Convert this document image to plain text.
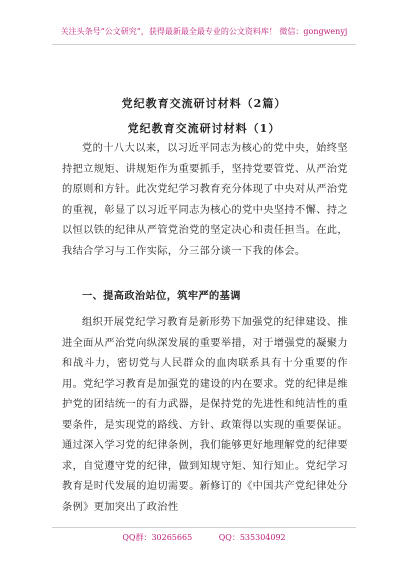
关注头条号“公文研究”，获得最新最全最专业的公文资料库！ 微信：gongwenyj
党纪教育交流研讨材料（2篇）
党纪教育交流研讨材料（1）
党的十八大以来，以习近平同志为核心的党中央，始终坚持把立规矩、讲规矩作为重要抓手，坚持党要管党、从严治党的原则和方针。此次党纪学习教育充分体现了中央对从严治党的重视，彰显了以习近平同志为核心的党中央坚持不懈、持之以恒以铁的纪律从严管党治党的坚定决心和责任担当。在此，我结合学习与工作实际，分三部分谈一下我的体会。
一、提高政治站位，筑牢严的基调
组织开展党纪学习教育是新形势下加强党的纪律建设、推进全面从严治党向纵深发展的重要举措，对于增强党的凝聚力和战斗力，密切党与人民群众的血肉联系具有十分重要的作用。党纪学习教育是加强党的建设的内在要求。党的纪律是维护党的团结统一的有力武器，是保持党的先进性和纯洁性的重要条件，是实现党的路线、方针、政策得以实现的重要保证。通过深入学习党的纪律条例，我们能够更好地理解党的纪律要求，自觉遵守党的纪律，做到知规守矩、知行知止。党纪学习教育是时代发展的迫切需要。新修订的《中国共产党纪律处分条例》更加突出了政治性
QQ群：30265665	QQ：535304092
